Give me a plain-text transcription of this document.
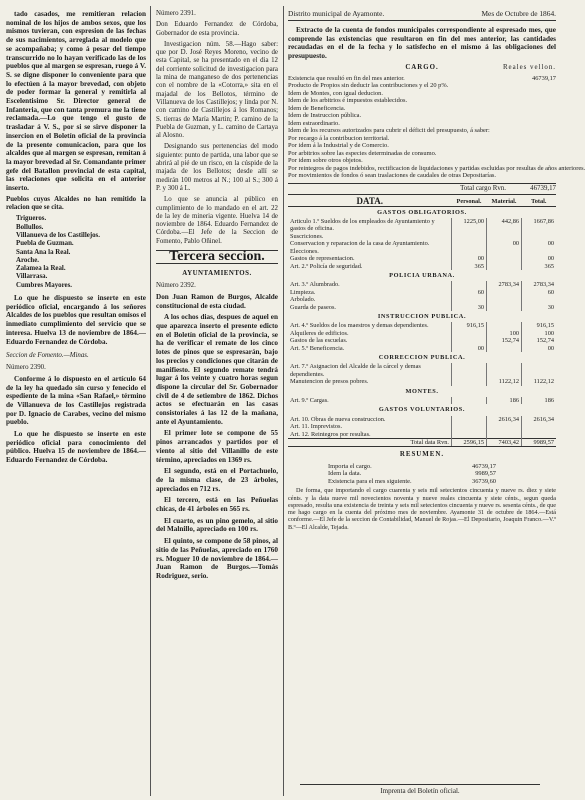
tado casados, me remitieran relacion nominal de los hijos de ambos sexos, que los mismos tuvieran, con espresion de las fechas de sus nacimientos, arreglada al modelo que se acompañaba; y como á pesar del tiempo transcurrido no lo hayan verificado las de los pueblos que al margen se espresan, ruego á V. S. se digne disponer lo conveniente para que lo efectúen á la mayor brevedad, con objeto de poder formar la general y remitirla al Escelentisimo Sr. Director general de Infanteria, que con tanta premura me la tiene reclamada.—Lo que tengo el gusto de trasladar á V. S., por si se sirve disponer la insercion en el Boletín oficial de la provincia de la presente comunicacion, para que los alcaldes que al margen se espresan, remitan á la mayor brevedad al Sr. Comandante primer gefe del Batallon provincial de esta capital, las relaciones que solicita en el anterior inserto.

Pueblos cuyos Alcaldes no han remitido la relacion que se cita.

Trigueros.
Bollullos.
Villanueva de los Castillejos.
Puebla de Guzman.
Santa Ana la Real.
Aroche.
Zalamea la Real.
Villarrasa.
Cumbres Mayores.

Lo que he dispuesto se inserte en este periódico oficial, encargando á los señores Alcaldes de los pueblos que resultan omisos el inmediato cumplimiento del servicio que se interesa. Huelva 13 de noviembre de 1864.—Eduardo Fernandez de Córdoba.

Seccion de Fomento.—Minas.

Número 2390.

Conforme á lo dispuesto en el artículo 64 de la ley ha quedado sin curso y fenecido el espediente de la mina «San Rafael,» término de Villanueva de los Castillejos registrada por D. Ignacio de Carabes, vecino del mismo pueblo.

Lo que he dispuesto se inserte en este periódico oficial para conocimiento del público. Huelva 15 de noviembre de 1864.—Eduardo Fernandez de Córdoba.

Número 2391.

Don Eduardo Fernandez de Córdoba, Gobernador de esta provincia.

Investigacion núm. 58.—Hago saber: que por D. José Reyes Moreno, vecino de esta Capital, se ha presentado en el dia 12 del corriente solicitud de investigacion para la mina de manganeso de dos pertenencias con el nombre de la «Cotorra,» sita en el majadal de los Bellotos, término de Villanueva de los Castillejos; y linda por N. con camino de Castillejos á los Romanos; S. tierras de María Martin; P. camino de la Puebla de Guzman, y L. camino de Cartaya al Alosno.

Designando sus pertenencias del modo siguiente: punto de partida, una labor que se abrirá al pié de un risco, en la cúspide de la majada de los Bellotos; desde allí se medirán 100 metros al N.; 100 al S.; 300 á P. y 300 á L.

Lo que se anuncia al público en cumplimiento de lo mandado en el art. 22 de la ley de mineria vigente. Huelva 14 de noviembre de 1864. Eduardo Fernandez de Córdoba.—El Jefe de la Seccion de Fomento, Pablo Oñinel.

Tercera seccion.
AYUNTAMIENTOS.

Número 2392.

Don Juan Ramon de Burgos, Alcalde constitucional de esta ciudad.

A los ochos dias, despues de aquel en que aparezca inserto el presente edicto en el Boletín oficial de la provincia, se ha de verificar el remate de los cinco lotes de pinos que se espresarán, bajo los precios y condiciones que citarán de manifiesto. El segundo remate tendrá lugar á los veinte y cuatro horas segun dispone la circular del Sr. Gobernador civil de 4 de setiembre de 1862. Dichos actos se efectuarán en las casas consistoriales á las 12 de la mañana, ante el Ayuntamiento.

El primer lote se compone de 55 pinos arrancados y partidos por el viento al sitio del Villanillo de este término, apreciados en 1369 rs.

El segundo, está en el Portachuelo, de la misma clase, de 23 árboles, apreciados en 712 rs.

El tercero, está en las Peñuelas chicas, de 41 árboles en 565 rs.

El cuarto, es un pino gemelo, al sitio del Malnillo, apreciado en 100 rs.

El quinto, se compone de 58 pinos, al sitio de las Peñuelas, apreciado en 1760 rs. Moguer 10 de noviembre de 1864.—Juan Ramon de Burgos.—Tomás Rodriguez, serio.

Distrito municipal de Ayamonte.	Mes de Octubre de 1864.

Extracto de la cuenta de fondos municipales correspondiente al espresado mes, que comprende las existencias que resultaron en fin del mes anterior, las cantidades recaudadas en el de la fecha y lo satisfecho en el mismo á las obligaciones del presupuesto.

CARGO.	Reales vellon.
Existencia que resultó en fin del mes anterior.	46739,17
Producto de Propios sin deducir las contribuciones y el 20 p%.
Idem de Montes, con igual deducion.
Idem de los arbitrios é impuestos establecidos.
Idem de Beneficencia.
Idem de Instruccion pública.
Idem estraordinario.
Idem de los recursos autorizados para cubrir el déficit del presupuesto, á saber:
Por recargo á la contribucion territorial.
Por idem á la Industrial y de Comercio.
Por arbitrios sobre las especies determinadas de consumo.
Por idem sobre otros objetos.
Por reintegros de pagos indebidos, rectificacion de liquidaciones y partidas escluidas por resultas de años anteriores.
Por movimientos de fondos ó sean traslaciones de caudales de otras Depositarías.
Total cargo Rvn.	46739,17
DATA.	Personal.	Material.	Total.
GASTOS OBLIGATORIOS.			
Articulo 1.º Sueldos de los empleados de Ayuntamiento y gastos de oficina.	1225,00	442,86	1667,86
Suscriciones.			
Conservacion y reparacion de la casa de Ayuntamiento.		00	00
Elecciones.			
Gastos de representacion.	00		00
Art. 2.º Policía de seguridad.	365		365
POLICIA URBANA.			
Art. 3.º Alumbrado.		2783,34	2783,34
Limpieza.	60		60
Arbolado.			
Guarda de paseos.	30		30
INSTRUCCION PUBLICA.			
Art. 4.º Sueldos de los maestros y demas dependientes.	916,15		916,15
Alquileres de edificios.		100	100
Gastos de las escuelas.		152,74	152,74
Art. 5.º Beneficencia.	00		00
CORRECCION PUBLICA.			
Art. 7.º Asignacion del Alcalde de la cárcel y demas dependientes.			
Manutencion de presos pobres.		1122,12	1122,12
MONTES.			
Art. 9.º Cargas.		186	186
GASTOS VOLUNTARIOS.			
Art. 10. Obras de nueva construccion.		2616,34	2616,34
Art. 11. Imprevistos.			
Art. 12. Reintegros por resultas.			
Total data Rvn.	2596,15	7403,42	9989,57
RESUMEN.
Importa el cargo.	46739,17
Idem la data.	9989,57
Existencia para el mes siguiente.	36739,60

De forma, que importando el cargo cuarenta y seis mil setecientos cincuenta y nueve rs. diez y siete cénts. y la data nueve mil novecientos noventa y nueve reales cincuenta y siete cénts., segun queda espresado, resulta una existencia de treinta y seis mil setecientos cincuenta y nueve rs. sesenta cénts., de que me hago cargo en la cuenta del próximo mes de noviembre. Ayamonte 31 de octubre de 1864.—Está conforme.—El Jefe de la seccion de Contabilidad, Manuel de Rojas.—El Depositario, Joaquin Franco.—V.º B.º—El Alcalde, Tejada.

Imprenta del Boletín oficial.
